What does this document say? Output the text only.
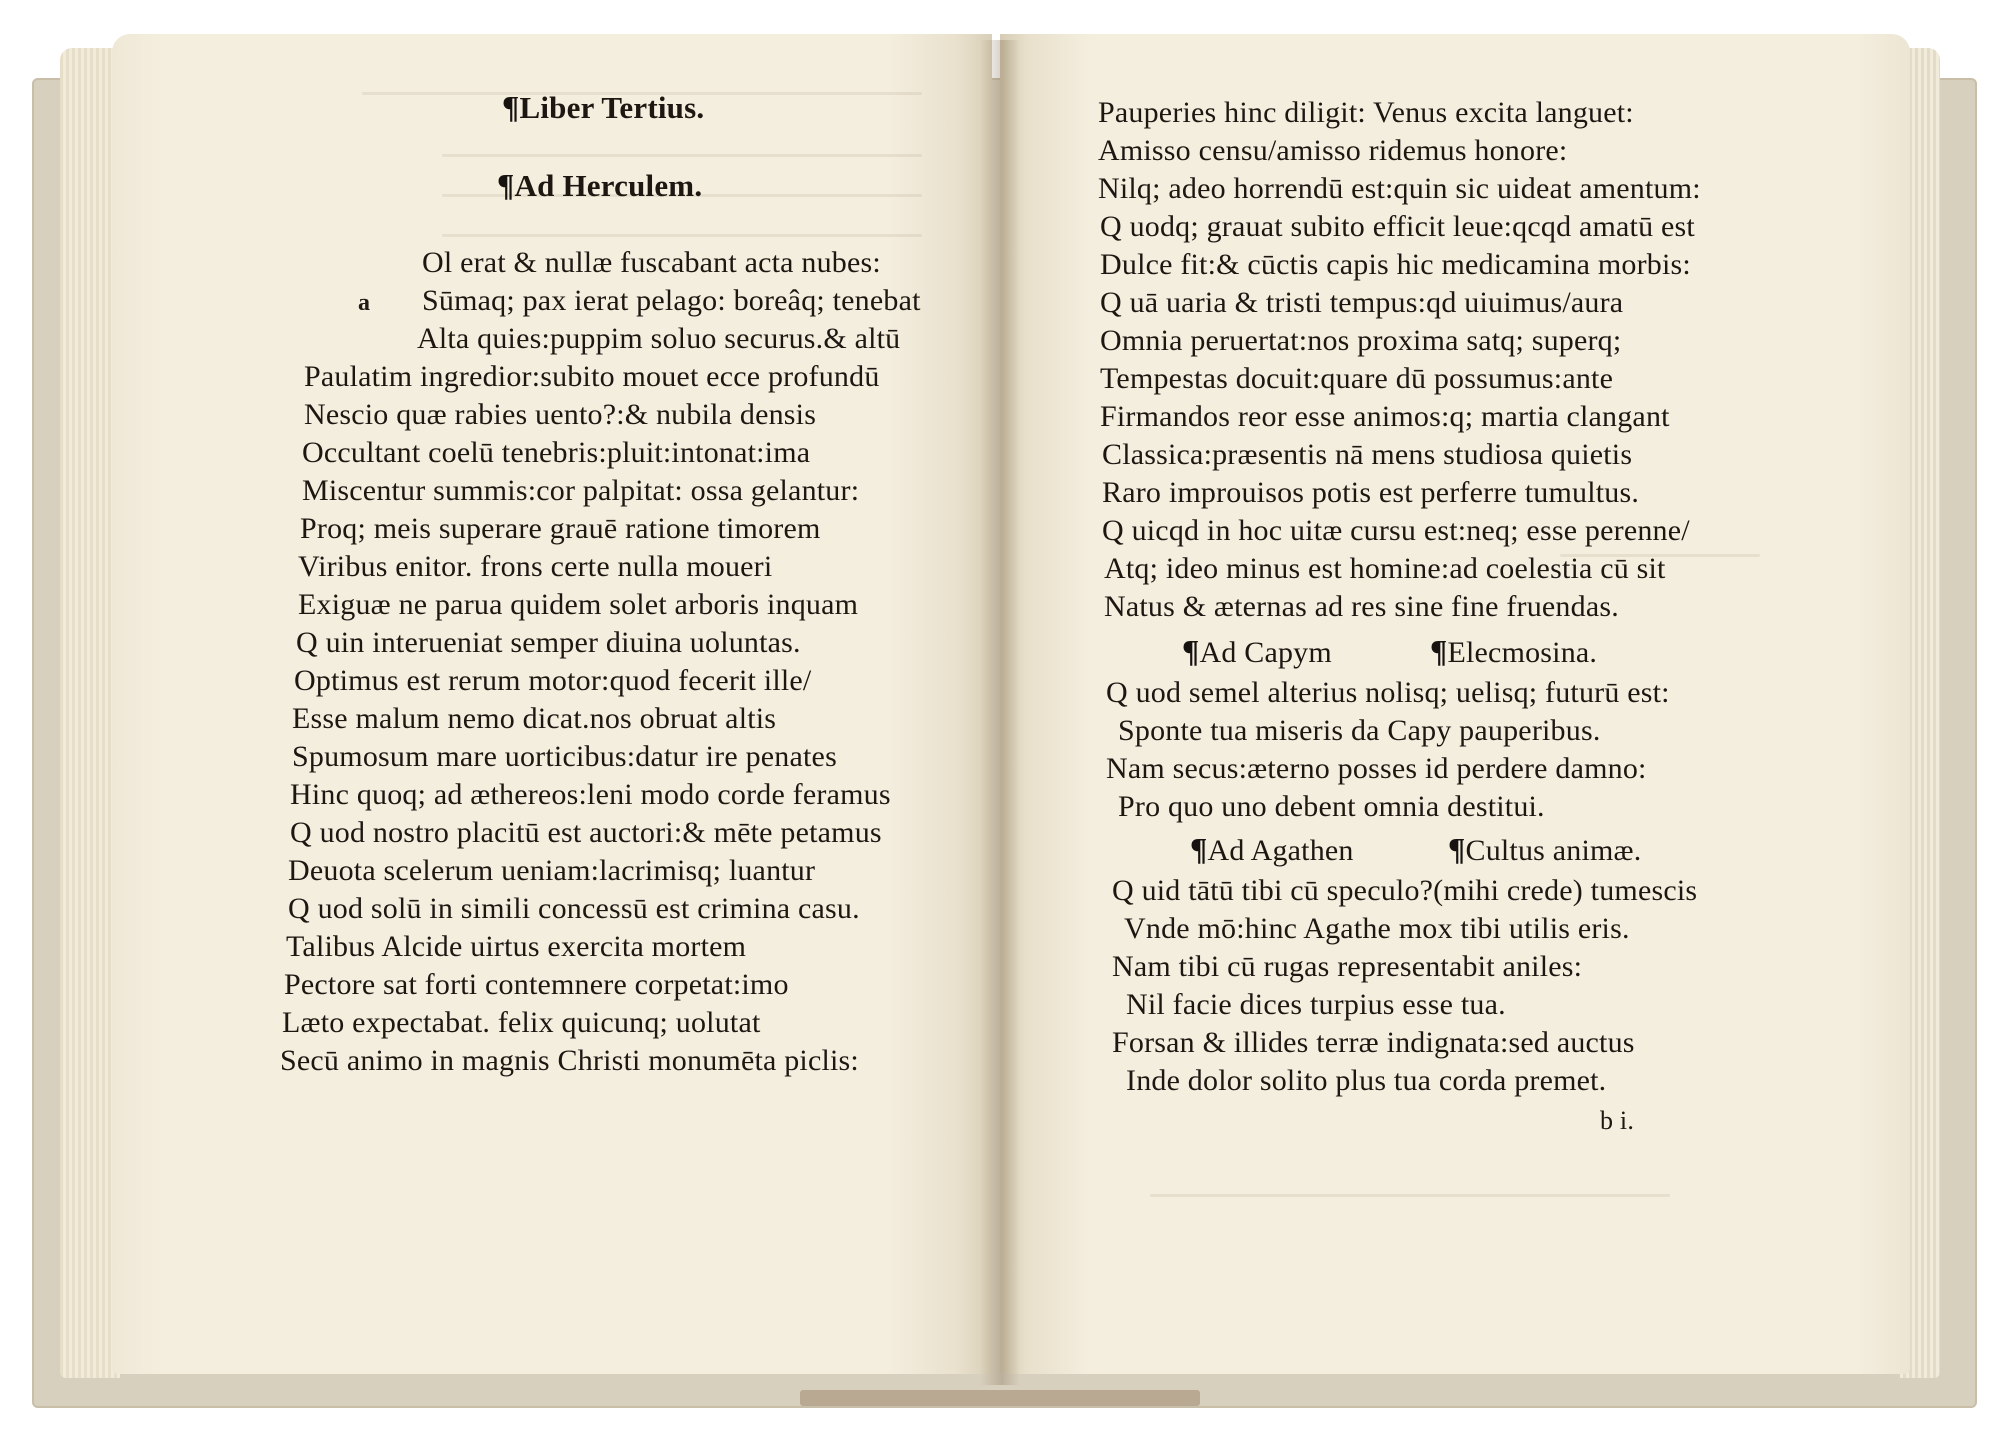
¶Liber Tertius.
¶Ad Herculem.
a
Ol erat & nullæ fuscabant acta nubes:
Sūmaq; pax ierat pelago: boreâq; tenebat
Alta quies:puppim soluo securus.& altū
Paulatim ingredior:subito mouet ecce profundū
Nescio quæ rabies uento?:& nubila densis
Occultant coelū tenebris:pluit:intonat:ima
Miscentur summis:cor palpitat: ossa gelantur:
Proq; meis superare grauē ratione timorem
Viribus enitor. frons certe nulla moueri
Exiguæ ne parua quidem solet arboris inquam
Q uin interueniat semper diuina uoluntas.
Optimus est rerum motor:quod fecerit ille/
Esse malum nemo dicat.nos obruat altis
Spumosum mare uorticibus:datur ire penates
Hinc quoq; ad æthereos:leni modo corde feramus
Q uod nostro placitū est auctori:& mēte petamus
Deuota scelerum ueniam:lacrimisq; luantur
Q uod solū in simili concessū est crimina casu.
Talibus Alcide uirtus exercita mortem
Pectore sat forti contemnere corpetat:imo
Læto expectabat. felix quicunq; uolutat
Secū animo in magnis Christi monumēta piclis:
Pauperies hinc diligit: Venus excita languet:
Amisso censu/amisso ridemus honore:
Nilq; adeo horrendū est:quin sic uideat amentum:
Q uodq; grauat subito efficit leue:qcqd amatū est
Dulce fit:& cūctis capis hic medicamina morbis:
Q uā uaria & tristi tempus:qd uiuimus/aura
Omnia peruertat:nos proxima satq; superq;
Tempestas docuit:quare dū possumus:ante
Firmandos reor esse animos:q; martia clangant
Classica:præsentis nā mens studiosa quietis
Raro improuisos potis est perferre tumultus.
Q uicqd in hoc uitæ cursu est:neq; esse perenne/
Atq; ideo minus est homine:ad coelestia cū sit
Natus & æternas ad res sine fine fruendas.
¶Ad Capym	¶Elecmosina.
Q uod semel alterius nolisq; uelisq; futurū est:
Sponte tua miseris da Capy pauperibus.
Nam secus:æterno posses id perdere damno:
Pro quo uno debent omnia destitui.
¶Ad Agathen	¶Cultus animæ.
Q uid tātū tibi cū speculo?(mihi crede) tumescis
Vnde mō:hinc Agathe mox tibi utilis eris.
Nam tibi cū rugas representabit aniles:
Nil facie dices turpius esse tua.
Forsan & illides terræ indignata:sed auctus
Inde dolor solito plus tua corda premet.
b i.
